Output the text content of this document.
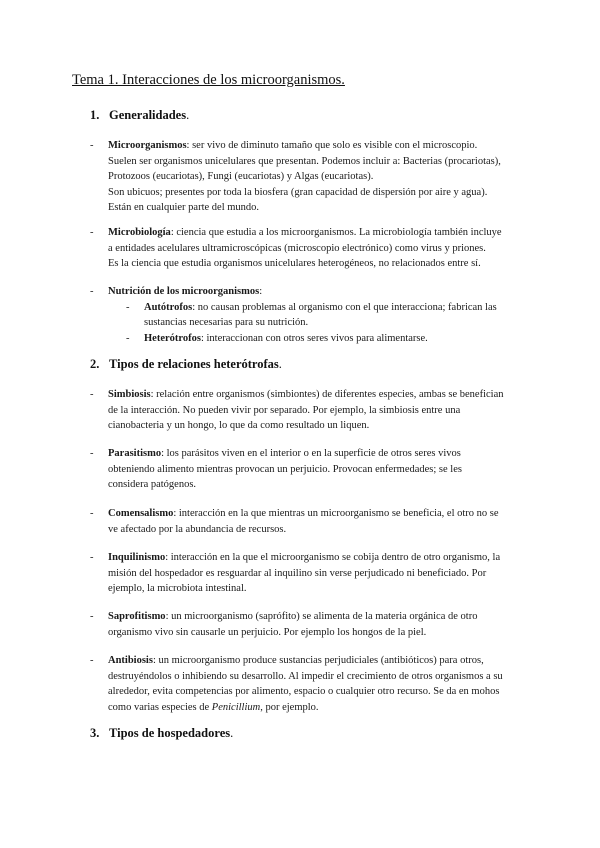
Tema 1. Interacciones de los microorganismos.
1. Generalidades.
- Microorganismos: ser vivo de diminuto tamaño que solo es visible con el microscopio.

Suelen ser organismos unicelulares que presentan. Podemos incluir a: Bacterias (procariotas),

Protozoos (eucariotas), Fungi (eucariotas) y Algas (eucariotas).

Son ubicuos; presentes por toda la biosfera (gran capacidad de dispersión por aire y agua).

Están en cualquier parte del mundo.

- Microbiología: ciencia que estudia a los microorganismos. La microbiología también incluye

a entidades acelulares ultramicroscópicas (microscopio electrónico) como virus y priones.

Es la ciencia que estudia organismos unicelulares heterogéneos, no relacionados entre sí.

- Nutrición de los microorganismos:

- Autótrofos: no causan problemas al organismo con el que interacciona; fabrican las

sustancias necesarias para su nutrición.

- Heterótrofos: interaccionan con otros seres vivos para alimentarse.

2. Tipos de relaciones heterótrofas.
- Simbiosis: relación entre organismos (simbiontes) de diferentes especies, ambas se benefician

de la interacción. No pueden vivir por separado. Por ejemplo, la simbiosis entre una

cianobacteria y un hongo, lo que da como resultado un liquen.

- Parasitismo: los parásitos viven en el interior o en la superficie de otros seres vivos

obteniendo alimento mientras provocan un perjuicio. Provocan enfermedades; se les

considera patógenos.

- Comensalismo: interacción en la que mientras un microorganismo se beneficia, el otro no se

ve afectado por la abundancia de recursos.

- Inquilinismo: interacción en la que el microorganismo se cobija dentro de otro organismo, la

misión del hospedador es resguardar al inquilino sin verse perjudicado ni beneficiado. Por

ejemplo, la microbiota intestinal.

- Saprofitismo: un microorganismo (saprófito) se alimenta de la materia orgánica de otro

organismo vivo sin causarle un perjuicio. Por ejemplo los hongos de la piel.

- Antibiosis: un microorganismo produce sustancias perjudiciales (antibióticos) para otros,

destruyéndolos o inhibiendo su desarrollo. Al impedir el crecimiento de otros organismos a su

alrededor, evita competencias por alimento, espacio o cualquier otro recurso. Se da en mohos

como varias especies de Penicillium, por ejemplo.

3. Tipos de hospedadores.
